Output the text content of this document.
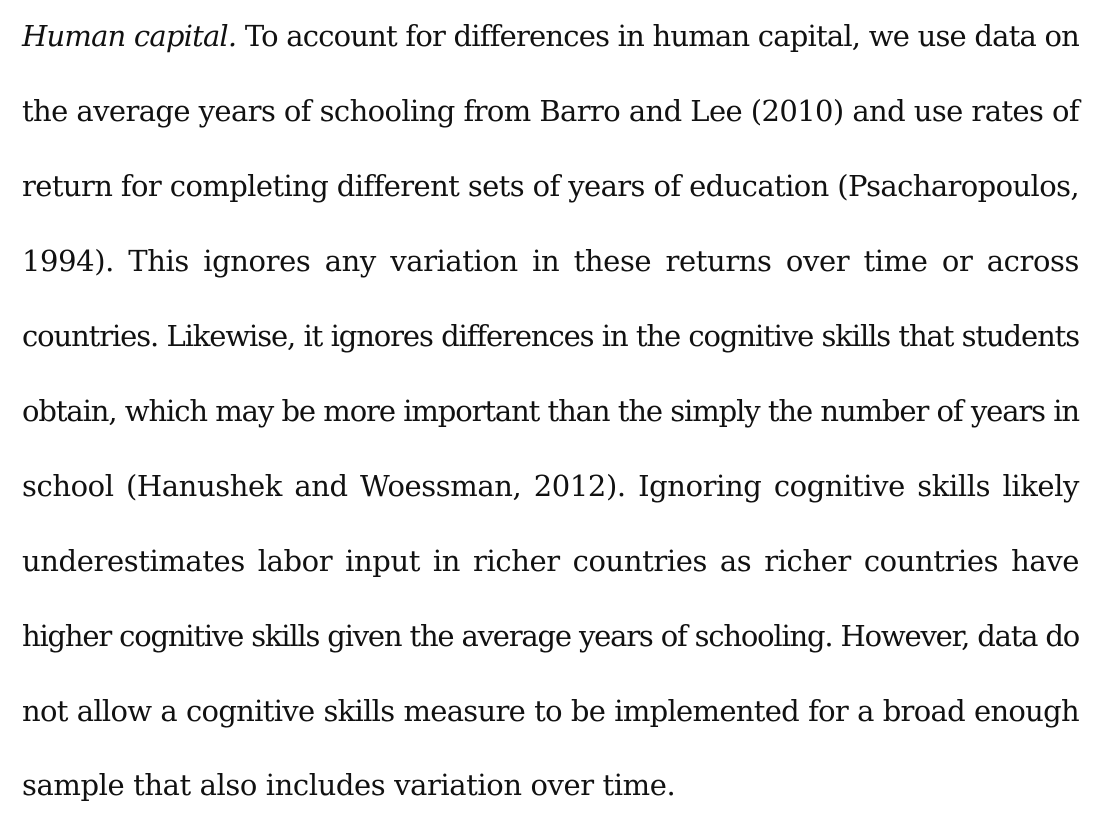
Human capital. To account for differences in human capital, we use data on
the average years of schooling from Barro and Lee (2010) and use rates of
return for completing different sets of years of education (Psacharopoulos,
1994). This ignores any variation in these returns over time or across
countries. Likewise, it ignores differences in the cognitive skills that students
obtain, which may be more important than the simply the number of years in
school (Hanushek and Woessman, 2012). Ignoring cognitive skills likely
underestimates labor input in richer countries as richer countries have
higher cognitive skills given the average years of schooling. However, data do
not allow a cognitive skills measure to be implemented for a broad enough
sample that also includes variation over time.
